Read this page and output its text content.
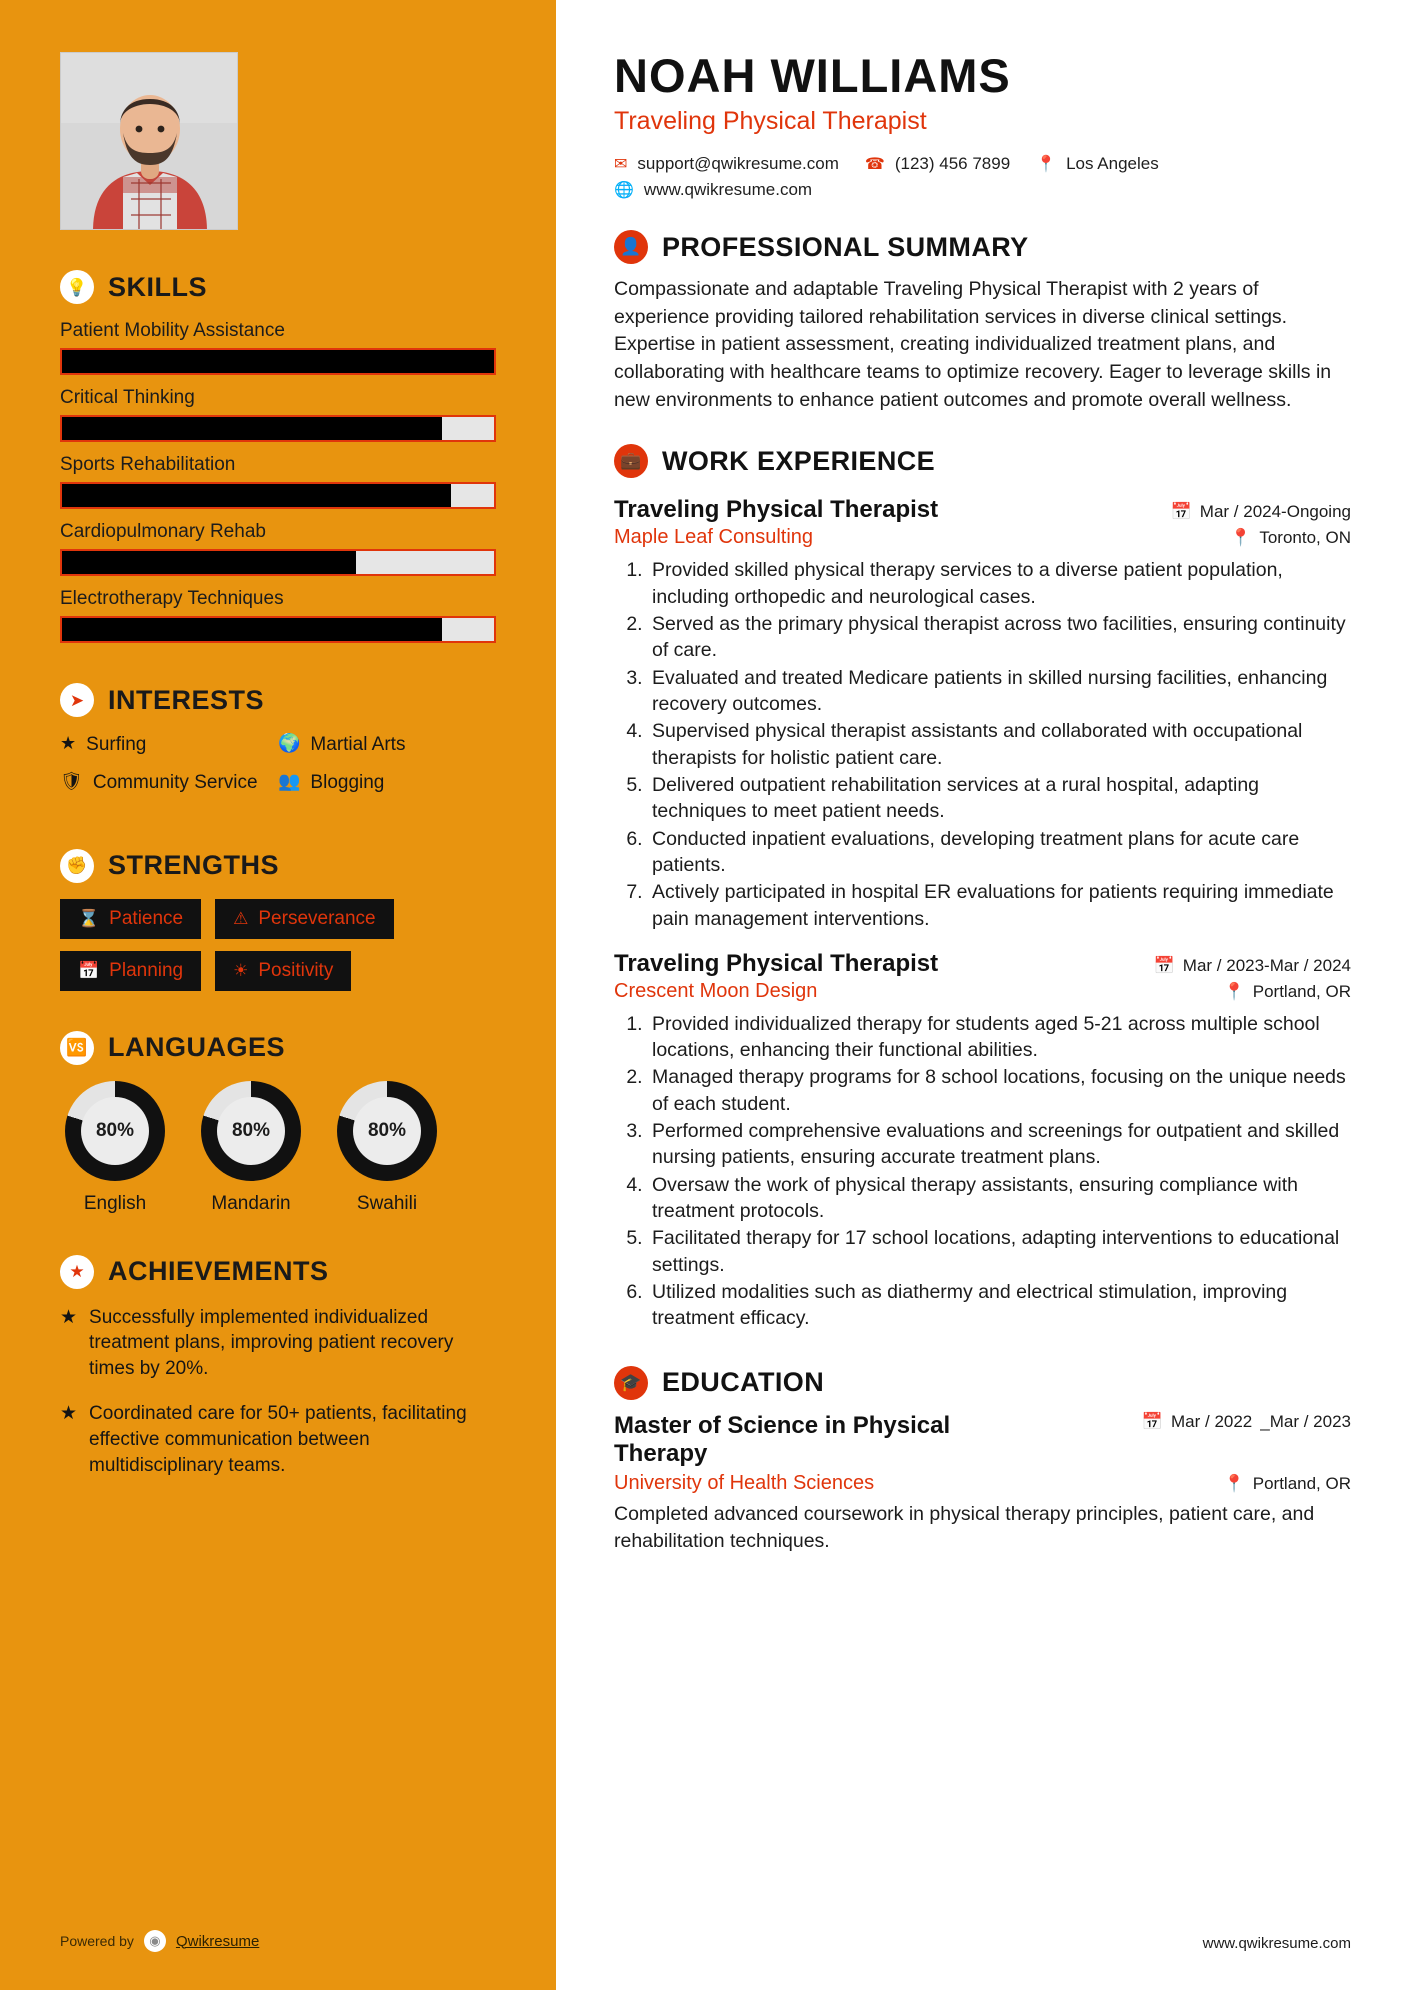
💡 SKILLS
Patient Mobility Assistance
Critical Thinking
Sports Rehabilitation
Cardiopulmonary Rehab
Electrotherapy Techniques
➤ INTERESTS
★ Surfing	🌍 Martial Arts
🛡 Community Service 👥 Blogging
✊ STRENGTHS
⌛ Patience	⚠ Perseverance
📅 Planning	☀ Positivity
🆚 LANGUAGES
80%
English
80%
Mandarin
80%
Swahili
★ ACHIEVEMENTS
★ Successfully implemented individualized treatment plans, improving patient recovery times by 20%.
★ Coordinated care for 50+ patients, facilitating effective communication between multidisciplinary teams.
Powered by	◉	Qwikresume
NOAH WILLIAMS
Traveling Physical Therapist
✉ support@qwikresume.com ☎ (123) 456 7899 📍 Los Angeles
🌐 www.qwikresume.com
👤 PROFESSIONAL SUMMARY

Compassionate and adaptable Traveling Physical Therapist with 2 years of experience providing tailored rehabilitation services in diverse clinical settings. Expertise in patient assessment, creating individualized treatment plans, and collaborating with healthcare teams to optimize recovery. Eager to leverage skills in new environments to enhance patient outcomes and promote overall wellness.

💼 WORK EXPERIENCE
Traveling Physical Therapist	📅 Mar / 2024-Ongoing
Maple Leaf Consulting	📍 Toronto, ON
1. Provided skilled physical therapy services to a diverse patient population, including orthopedic and neurological cases.
2. Served as the primary physical therapist across two facilities, ensuring continuity of care.
3. Evaluated and treated Medicare patients in skilled nursing facilities, enhancing recovery outcomes.
4. Supervised physical therapist assistants and collaborated with occupational therapists for holistic patient care.
5. Delivered outpatient rehabilitation services at a rural hospital, adapting techniques to meet patient needs.
6. Conducted inpatient evaluations, developing treatment plans for acute care patients.
7. Actively participated in hospital ER evaluations for patients requiring immediate pain management interventions.
Traveling Physical Therapist	📅 Mar / 2023-Mar / 2024
Crescent Moon Design	📍 Portland, OR
1. Provided individualized therapy for students aged 5-21 across multiple school locations, enhancing their functional abilities.
2. Managed therapy programs for 8 school locations, focusing on the unique needs of each student.
3. Performed comprehensive evaluations and screenings for outpatient and skilled nursing patients, ensuring accurate treatment plans.
4. Oversaw the work of physical therapy assistants, ensuring compliance with treatment protocols.
5. Facilitated therapy for 17 school locations, adapting interventions to educational settings.
6. Utilized modalities such as diathermy and electrical stimulation, improving treatment efficacy.
🎓 EDUCATION
Master of Science in Physical Therapy
📅 Mar / 2022 _Mar / 2023
University of Health Sciences	📍 Portland, OR
Completed advanced coursework in physical therapy principles, patient care, and rehabilitation techniques.
www.qwikresume.com
